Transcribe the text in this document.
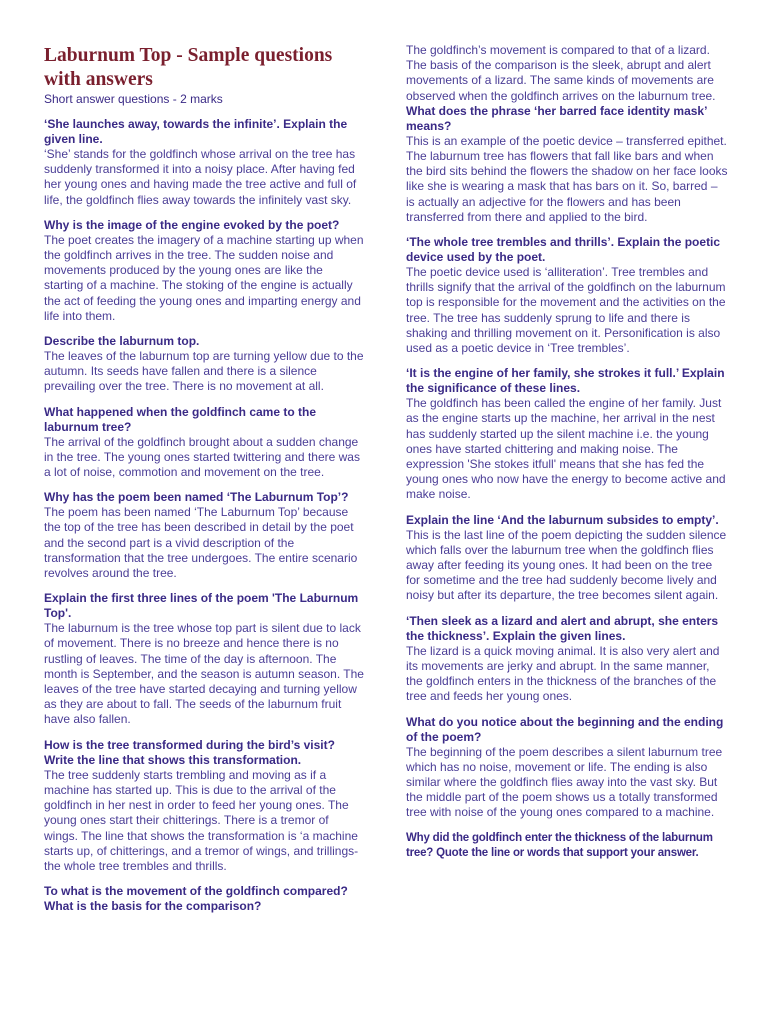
Laburnum Top - Sample questions with answers

Short answer questions - 2 marks

‘She launches away, towards the infinite’. Explain the given line.

‘She’ stands for the goldfinch whose arrival on the tree has suddenly transformed it into a noisy place. After having fed her young ones and having made the tree active and full of life, the goldfinch flies away towards the infinitely vast sky.

Why is the image of the engine evoked by the poet?

The poet creates the imagery of a machine starting up when the goldfinch arrives in the tree. The sudden noise and movements produced by the young ones are like the starting of a machine. The stoking of the engine is actually the act of feeding the young ones and imparting energy and life into them.

Describe the laburnum top.

The leaves of the laburnum top are turning yellow due to the autumn. Its seeds have fallen and there is a silence prevailing over the tree. There is no movement at all.

What happened when the goldfinch came to the laburnum tree?

The arrival of the goldfinch brought about a sudden change in the tree. The young ones started twittering and there was a lot of noise, commotion and movement on the tree.

Why has the poem been named ‘The Laburnum Top’?

The poem has been named ‘The Laburnum Top’ because the top of the tree has been described in detail by the poet and the second part is a vivid description of the transformation that the tree undergoes. The entire scenario revolves around the tree.

Explain the first three lines of the poem 'The Laburnum Top'.

The laburnum is the tree whose top part is silent due to lack of movement. There is no breeze and hence there is no rustling of leaves. The time of the day is afternoon. The month is September, and the season is autumn season. The leaves of the tree have started decaying and turning yellow as they are about to fall. The seeds of the laburnum fruit have also fallen.

How is the tree transformed during the bird’s visit? Write the line that shows this transformation.

The tree suddenly starts trembling and moving as if a machine has started up. This is due to the arrival of the goldfinch in her nest in order to feed her young ones. The young ones start their chitterings. There is a tremor of wings. The line that shows the transformation is ‘a machine starts up, of chitterings, and a tremor of wings, and trillings- the whole tree trembles and thrills.

To what is the movement of the goldfinch compared? What is the basis for the comparison?

The goldfinch’s movement is compared to that of a lizard. The basis of the comparison is the sleek, abrupt and alert movements of a lizard. The same kinds of movements are observed when the goldfinch arrives on the laburnum tree.

What does the phrase ‘her barred face identity mask’ means?

This is an example of the poetic device – transferred epithet. The laburnum tree has flowers that fall like bars and when the bird sits behind the flowers the shadow on her face looks like she is wearing a mask that has bars on it. So, barred – is actually an adjective for the flowers and has been transferred from there and applied to the bird.

‘The whole tree trembles and thrills’. Explain the poetic device used by the poet.

The poetic device used is ‘alliteration’. Tree trembles and thrills signify that the arrival of the goldfinch on the laburnum top is responsible for the movement and the activities on the tree. The tree has suddenly sprung to life and there is shaking and thrilling movement on it. Personification is also used as a poetic device in ‘Tree trembles’.

‘It is the engine of her family, she strokes it full.’ Explain the significance of these lines.

The goldfinch has been called the engine of her family. Just as the engine starts up the machine, her arrival in the nest has suddenly started up the silent machine i.e. the young ones have started chittering and making noise. The expression 'She stokes itfull' means that she has fed the young ones who now have the energy to become active and make noise.

Explain the line ‘And the laburnum subsides to empty’.

This is the last line of the poem depicting the sudden silence which falls over the laburnum tree when the goldfinch flies away after feeding its young ones. It had been on the tree for sometime and the tree had suddenly become lively and noisy but after its departure, the tree becomes silent again.

‘Then sleek as a lizard and alert and abrupt, she enters the thickness’. Explain the given lines.

The lizard is a quick moving animal. It is also very alert and its movements are jerky and abrupt. In the same manner, the goldfinch enters in the thickness of the branches of the tree and feeds her young ones.

What do you notice about the beginning and the ending of the poem?

The beginning of the poem describes a silent laburnum tree which has no noise, movement or life. The ending is also similar where the goldfinch flies away into the vast sky. But the middle part of the poem shows us a totally transformed tree with noise of the young ones compared to a machine.

Why did the goldfinch enter the thickness of the laburnum tree? Quote the line or words that support your answer.
